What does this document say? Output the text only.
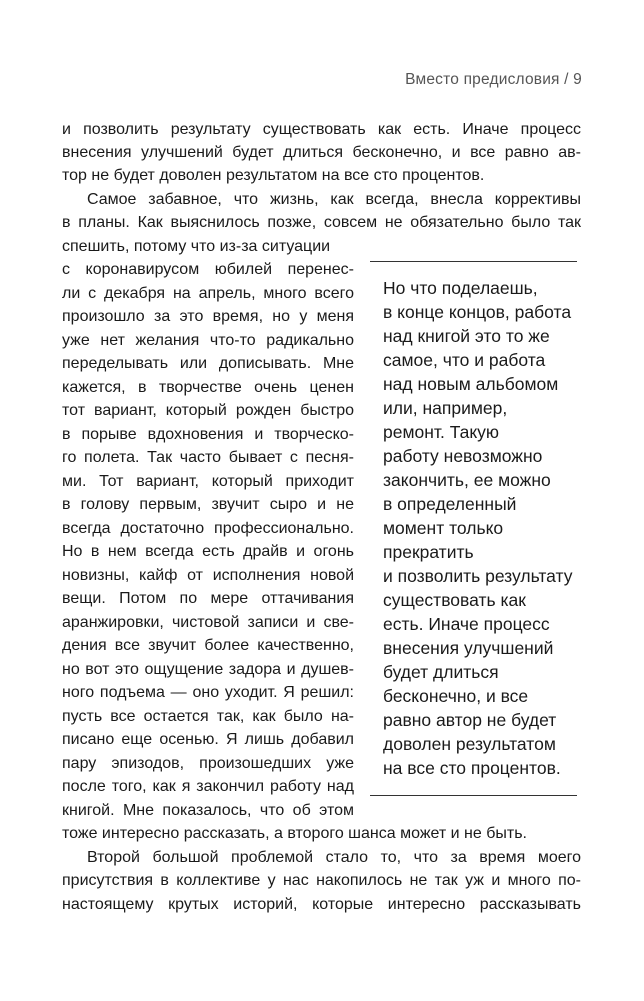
Вместо предисловия / 9
и позволить результату существовать как есть. Иначе процесс
внесения улучшений будет длиться бесконечно, и все равно ав-
тор не будет доволен результатом на все сто процентов.
Самое забавное, что жизнь, как всегда, внесла коррективы
в планы. Как выяснилось позже, совсем не обязательно было так
спешить, потому что из-за ситуации
с коронавирусом юбилей перенес-
ли с декабря на апрель, много всего
произошло за это время, но у меня
уже нет желания что-то радикально
переделывать или дописывать. Мне
кажется, в творчестве очень ценен
тот вариант, который рожден быстро
в порыве вдохновения и творческо-
го полета. Так часто бывает с песня-
ми. Тот вариант, который приходит
в голову первым, звучит сыро и не
всегда достаточно профессионально.
Но в нем всегда есть драйв и огонь
новизны, кайф от исполнения новой
вещи. Потом по мере оттачивания
аранжировки, чистовой записи и све-
дения все звучит более качественно,
но вот это ощущение задора и душев-
ного подъема — оно уходит. Я решил:
пусть все остается так, как было на-
писано еще осенью. Я лишь добавил
пару эпизодов, произошедших уже
после того, как я закончил работу над
книгой. Мне показалось, что об этом
тоже интересно рассказать, а второго шанса может и не быть.
Второй большой проблемой стало то, что за время моего
присутствия в коллективе у нас накопилось не так уж и много по-
настоящему крутых историй, которые интересно рассказывать
Но что поделаешь,
в конце концов, работа
над книгой это то же
самое, что и работа
над новым альбомом
или, например,
ремонт. Такую
работу невозможно
закончить, ее можно
в определенный
момент только
прекратить
и позволить результату
существовать как
есть. Иначе процесс
внесения улучшений
будет длиться
бесконечно, и все
равно автор не будет
доволен результатом
на все сто процентов.
